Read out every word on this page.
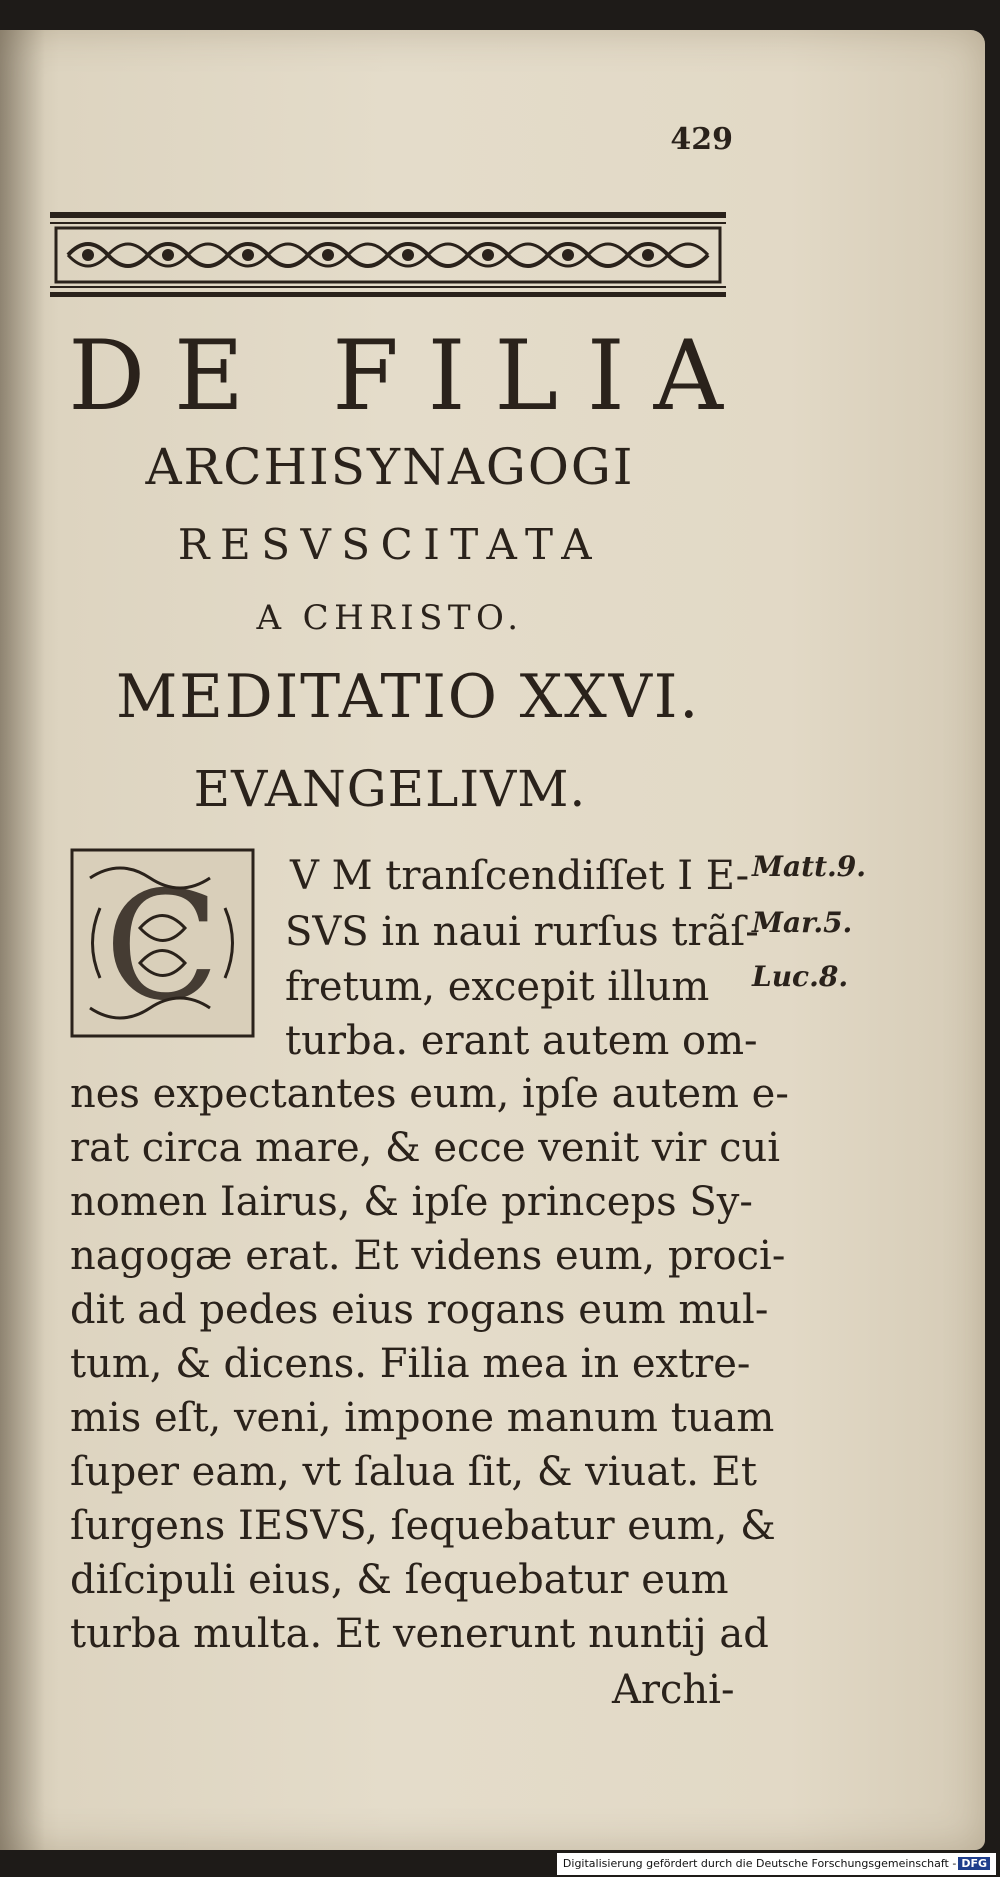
429
DE FILIA
ARCHISYNAGOGI
RESVSCITATA
A CHRISTO.
MEDITATIO XXVI.
EVANGELIVM.
C V M tranſcendiſſet I E-
SVS in naui rurſus trãſ-
fretum, excepit illum
turba. erant autem om-
nes expectantes eum, ipſe autem e-
rat circa mare, & ecce venit vir cui
nomen Iairus, & ipſe princeps Sy-
nagogæ erat. Et videns eum, proci-
dit ad pedes eius rogans eum mul-
tum, & dicens. Filia mea in extre-
mis eſt, veni, impone manum tuam
ſuper eam, vt ſalua ſit, & viuat. Et
ſurgens IESVS, ſequebatur eum, &
diſcipuli eius, & ſequebatur eum
turba multa. Et venerunt nuntij ad
Archi-
Matt.9.
Mar.5.
Luc.8.
Digitalisierung gefördert durch die Deutsche Forschungsgemeinschaft - DFG
